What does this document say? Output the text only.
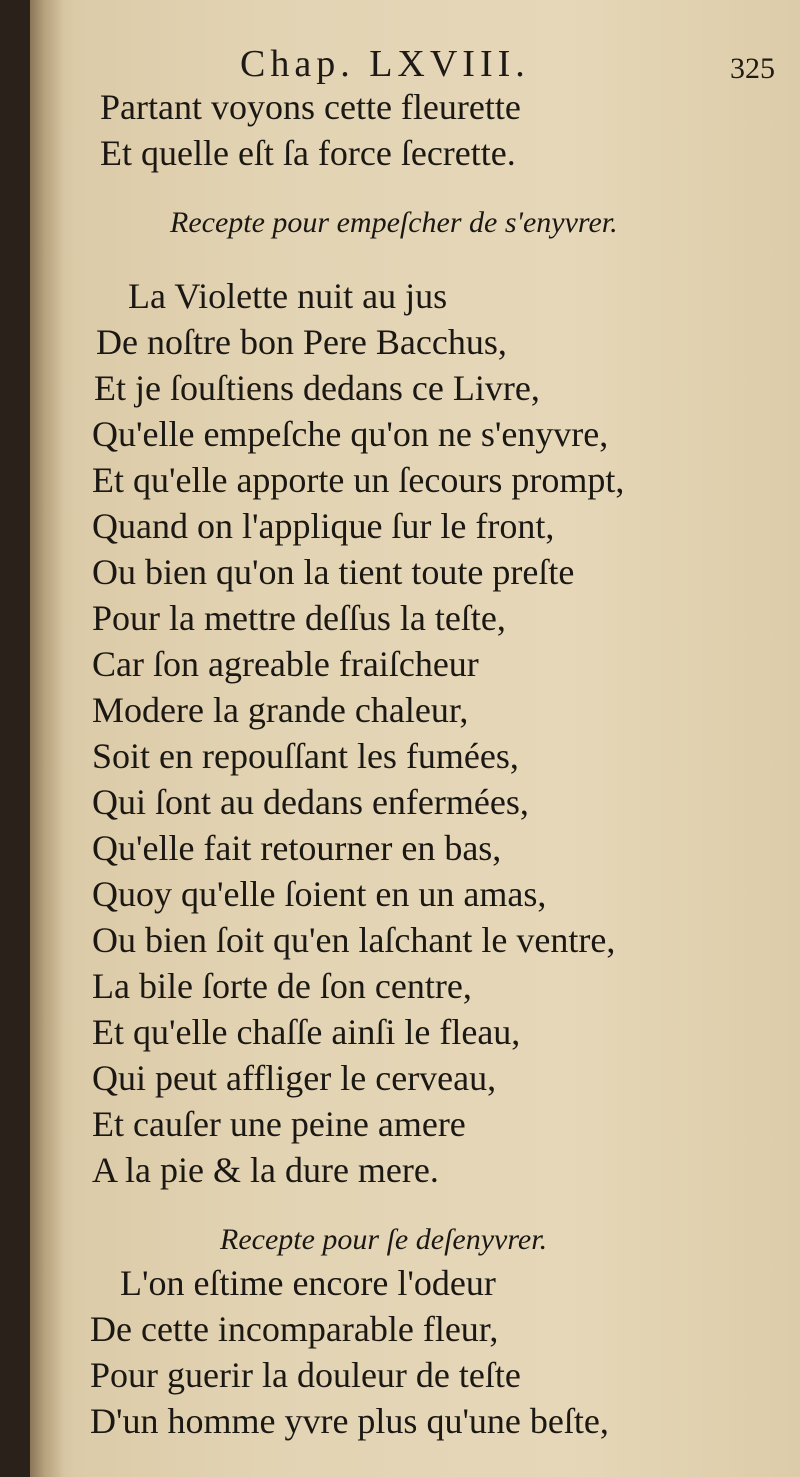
Chap. LXVIII.	325
Partant voyons cette fleurette
Et quelle eſt ſa force ſecrette.
Recepte pour empeſcher de s'enyvrer.
La Violette nuit au jus
De noſtre bon Pere Bacchus,
Et je ſouſtiens dedans ce Livre,
Qu'elle empeſche qu'on ne s'enyvre,
Et qu'elle apporte un ſecours prompt,
Quand on l'applique ſur le front,
Ou bien qu'on la tient toute preſte
Pour la mettre deſſus la teſte,
Car ſon agreable fraiſcheur
Modere la grande chaleur,
Soit en repouſſant les fumées,
Qui ſont au dedans enfermées,
Qu'elle fait retourner en bas,
Quoy qu'elle ſoient en un amas,
Ou bien ſoit qu'en laſchant le ventre,
La bile ſorte de ſon centre,
Et qu'elle chaſſe ainſi le fleau,
Qui peut affliger le cerveau,
Et cauſer une peine amere
A la pie & la dure mere.
Recepte pour ſe deſenyvrer.
L'on eſtime encore l'odeur
De cette incomparable fleur,
Pour guerir la douleur de teſte
D'un homme yvre plus qu'une beſte,
